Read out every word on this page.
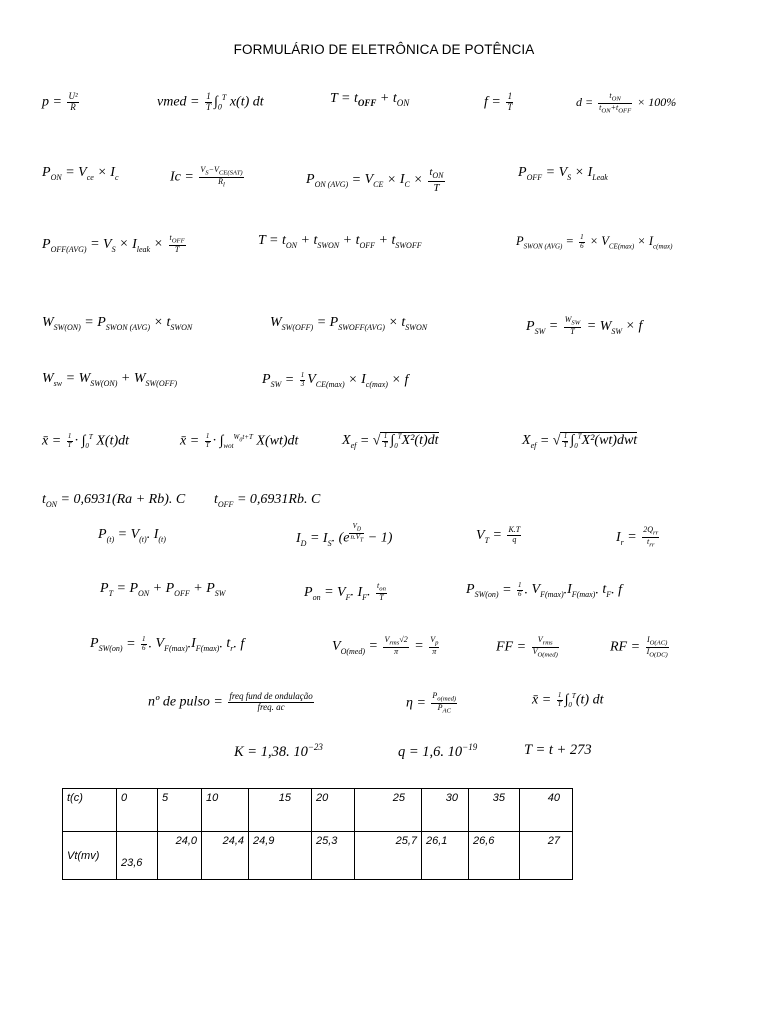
FORMULÁRIO DE ELETRÔNICA DE POTÊNCIA
$p = \frac{\text{U²}}{R}$	vmed = $\frac{1}{T} \int_0^T$ x(t) dt	$T = t_{OFF} + t_{ON}$	$f = \frac{1}{T}$	d =	$t_{ON}$
$t_{ON}+t_{OFF}$
× 100%
$P_{ON} = V_{ce} \times I_c$	Ic =
$V_S-V_{CE(SAT)}$
$R_l$	$P_{ON (AVG)} = V_{CE} \times I_C$ ×
$t_{ON}$
T
$P_{OFF} = V_S \times I_{Leak}$
$P_{OFF(AVG)} = V_S \times I_{leak} \times t_{OFF}$
T
$T = t_{ON} + t_{SWON} + t_{OFF} + t_{SWOFF}$	$P_{SWON (AVG)} = \frac{1}{6} \times V_{CE(max)} \times I_{c(max)}$
$W_{SW(ON)} = P_{SWON (AVG)} \times t_{SWON}$	$W_{SW(OFF)} = P_{SWOFF(AVG)} \times t_{SWON}$	$P_{SW} = W_{SW}$
$T = W_{SW} \times f$
$W_{sw} = W_{SW(ON)} + W_{SW(OFF)}$	$P_{SW} = \frac{1}{3} V_{CE(max)} \times I_{c(max)} \times f$
x̄ = $\frac{1}{T} \cdot \int_0^T$ X(t)dt	x̄ = $\frac{1}{T} \cdot \int_{wot}^{W_0t+T}$ X(wt)dt	$X_{ef}$ = √ $\frac{1}{T} \int_0^TX^2(t)dt$	$X_{ef}$ = √ $\frac{1}{T} \int_0^TX^2(wt)dwt$
$t_{ON} = 0,6931(Ra + Rb)$. C $t_{OFF} = 0,6931Rb$. C
$P_{(t)} = V_{(t)}$. $I_{(t)}$	$I_D = I_S$. (e $^{\frac{V_D}{n.V_T}}$ − 1)	$V_T = \frac{K.T}{q}$	$I_r$ =
$2Q_{rr}$
$t_{rr}$
$P_T = P_{ON} + P_{OFF} + P_{SW}$	$P_{on} = V_F$. $I_F$. $t_{on}$
T
$P_{SW(on)} = \frac{1}{6}$ . $V_{F(max)}.I_{F(max)}$. $t_F$. f
$P_{SW(on)} = \frac{1}{6}$ . $V_{F(max)}.I_{F(max)}$. $t_r$. f	$V_{O(med)} = V_{rms}√2$
$\pi = \frac{V_p}{\pi}$	FF =
$V_{rms}$
$V_{O(med)}$
RF = $\frac{I_{O(AC)}}{I_{O(DC)}}$
nº de pulso = freq fund de ondulação
freq. ac	η =
$P_{o(med)}$
$P_{AC}$
x̄ = $\frac{1}{T} \int_0^T(t)$ dt
K = 1,38. $10^{-23}$	q = 1,6. $10^{-19}$	T = t + 273
t(c)	0	5	10	15	20	25	30	35	40
Vt(mv)	23,6	24,0	24,4	24,9	25,3	25,7	26,1	26,6	27
